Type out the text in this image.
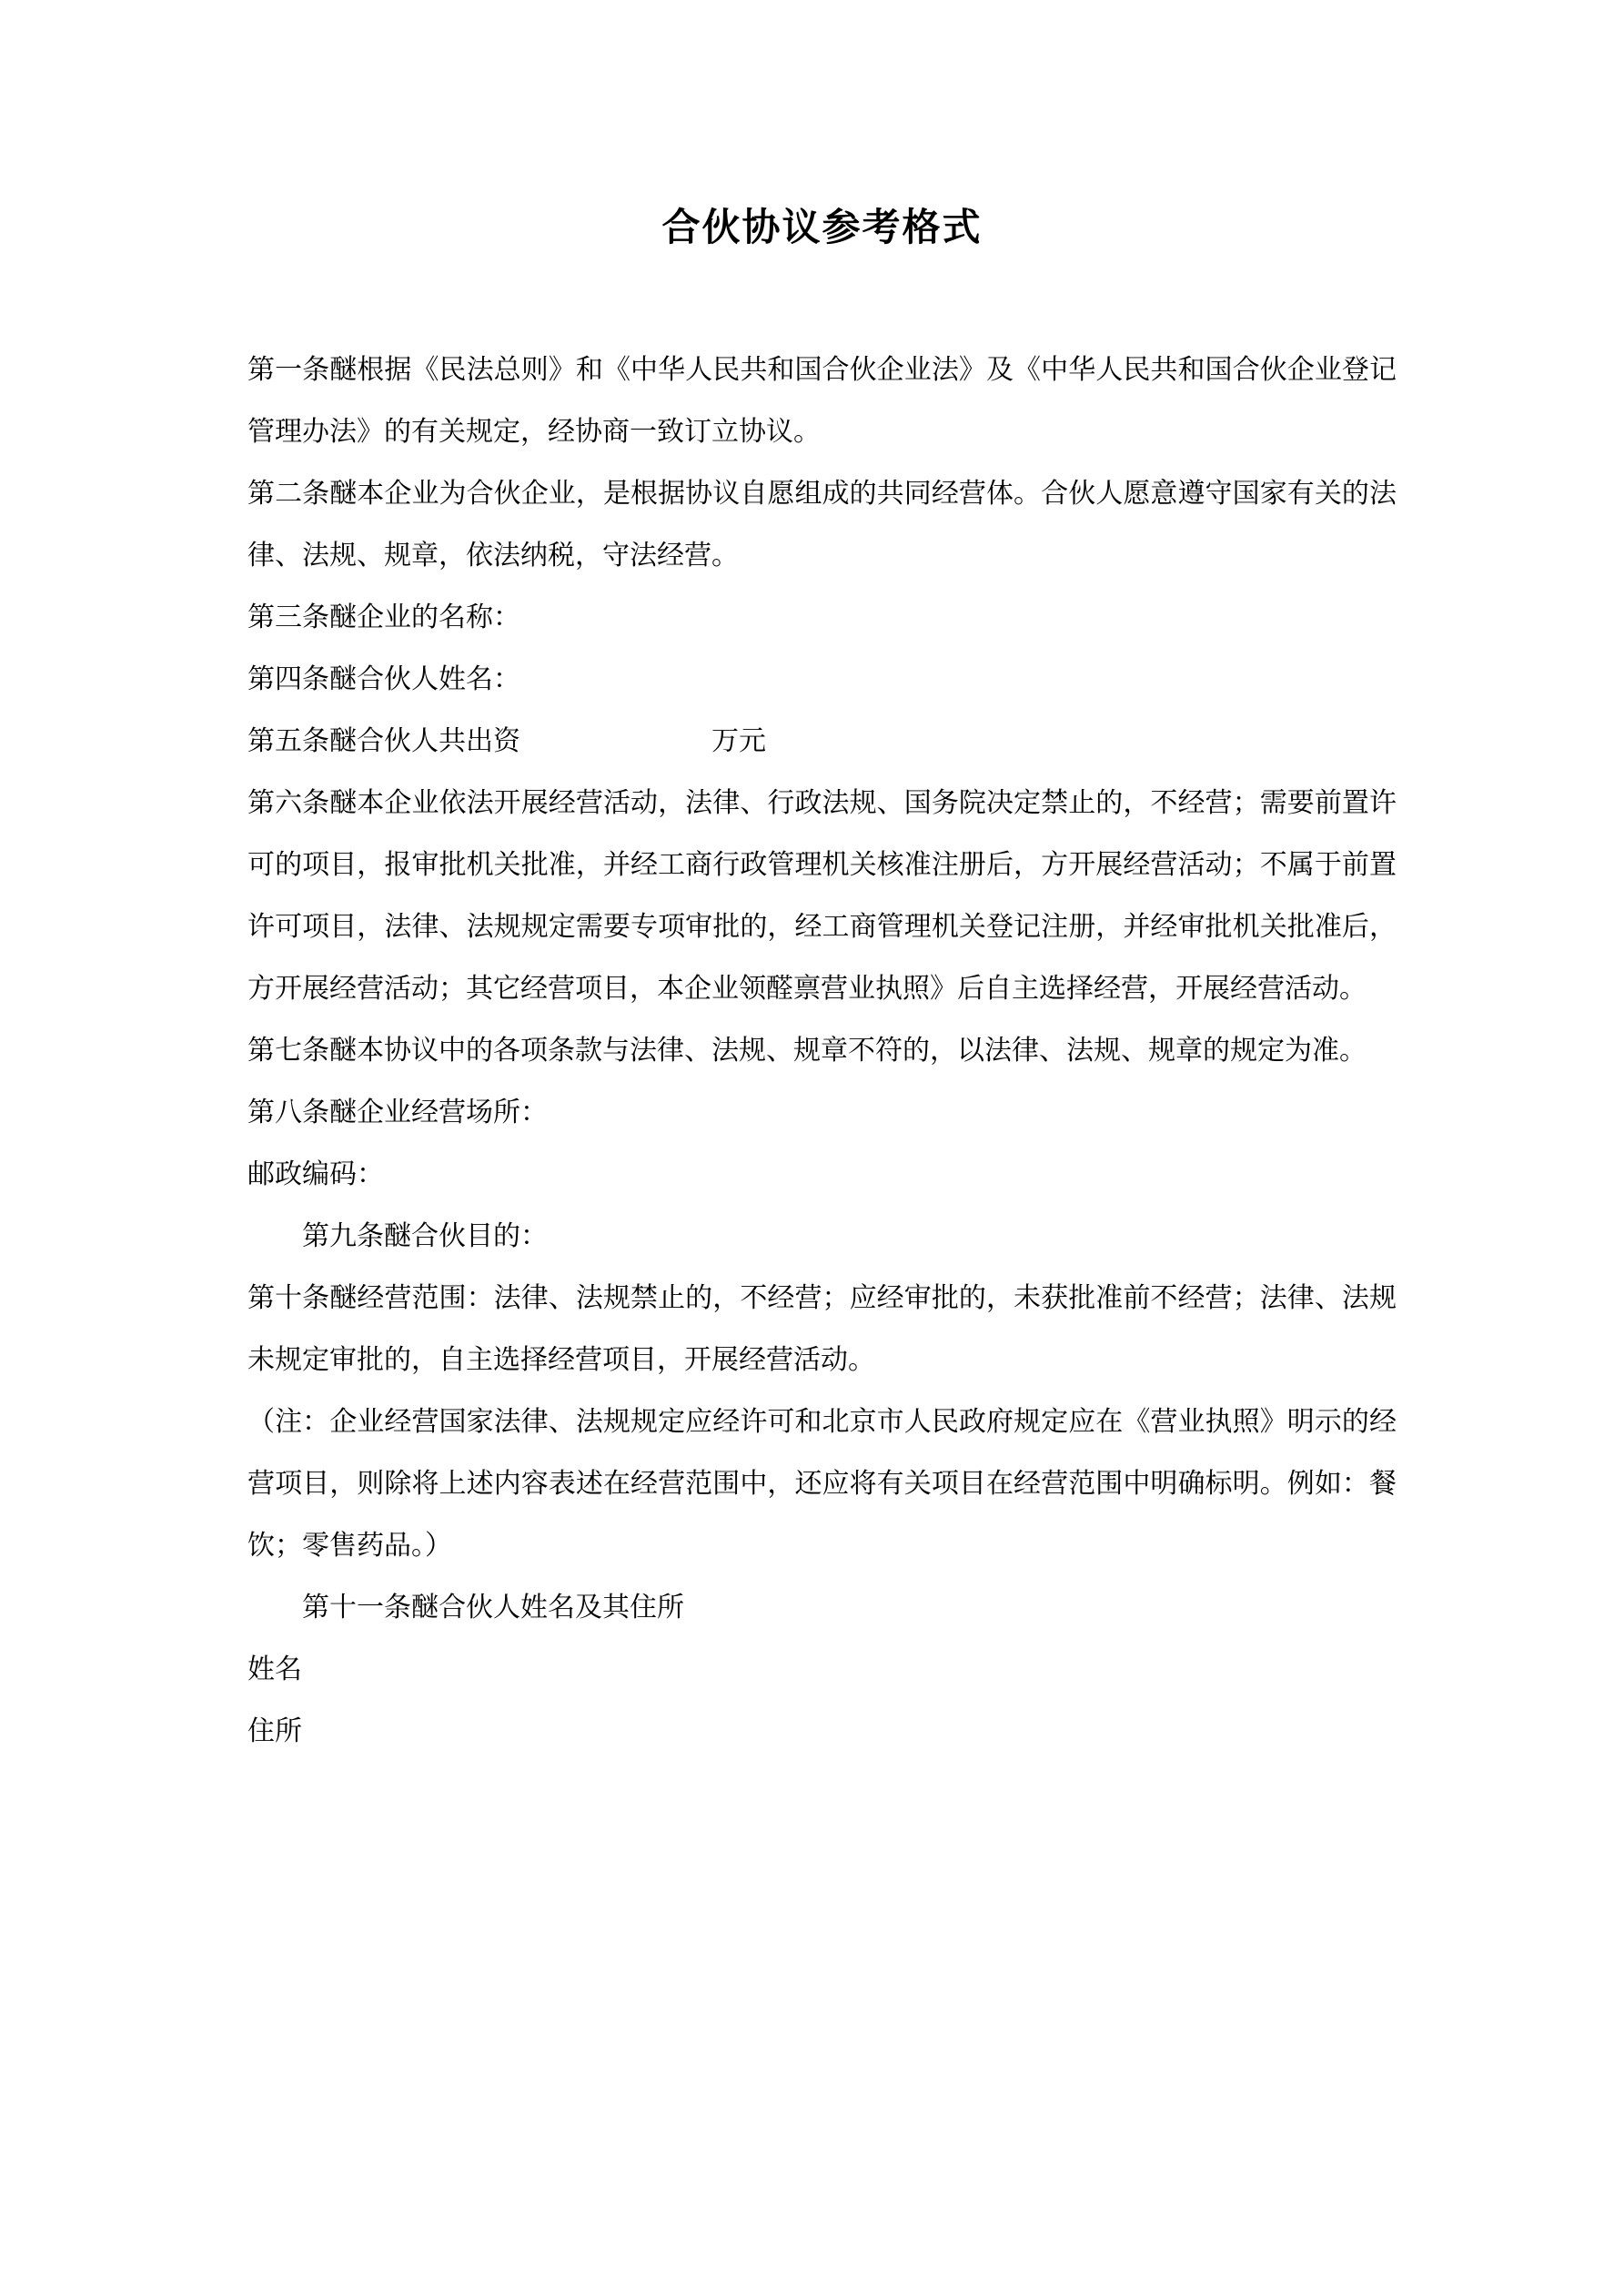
合伙协议参考格式

第一条醚根据《民法总则》和《中华人民共和国合伙企业法》及《中华人民共和国合伙企业登记管理办法》的有关规定，经协商一致订立协议。

第二条醚本企业为合伙企业，是根据协议自愿组成的共同经营体。合伙人愿意遵守国家有关的法律、法规、规章，依法纳税，守法经营。

第三条醚企业的名称：

第四条醚合伙人姓名：

第五条醚合伙人共出资　　　　　　　万元

第六条醚本企业依法开展经营活动，法律、行政法规、国务院决定禁止的，不经营；需要前置许可的项目，报审批机关批准，并经工商行政管理机关核准注册后，方开展经营活动；不属于前置许可项目，法律、法规规定需要专项审批的，经工商管理机关登记注册，并经审批机关批准后，方开展经营活动；其它经营项目，本企业领醛禀营业执照》后自主选择经营，开展经营活动。

第七条醚本协议中的各项条款与法律、法规、规章不符的，以法律、法规、规章的规定为准。

第八条醚企业经营场所：

邮政编码：

第九条醚合伙目的：

第十条醚经营范围：法律、法规禁止的，不经营；应经审批的，未获批准前不经营；法律、法规未规定审批的，自主选择经营项目，开展经营活动。

（注：企业经营国家法律、法规规定应经许可和北京市人民政府规定应在《营业执照》明示的经营项目，则除将上述内容表述在经营范围中，还应将有关项目在经营范围中明确标明。例如：餐饮；零售药品。）

第十一条醚合伙人姓名及其住所

姓名

住所
